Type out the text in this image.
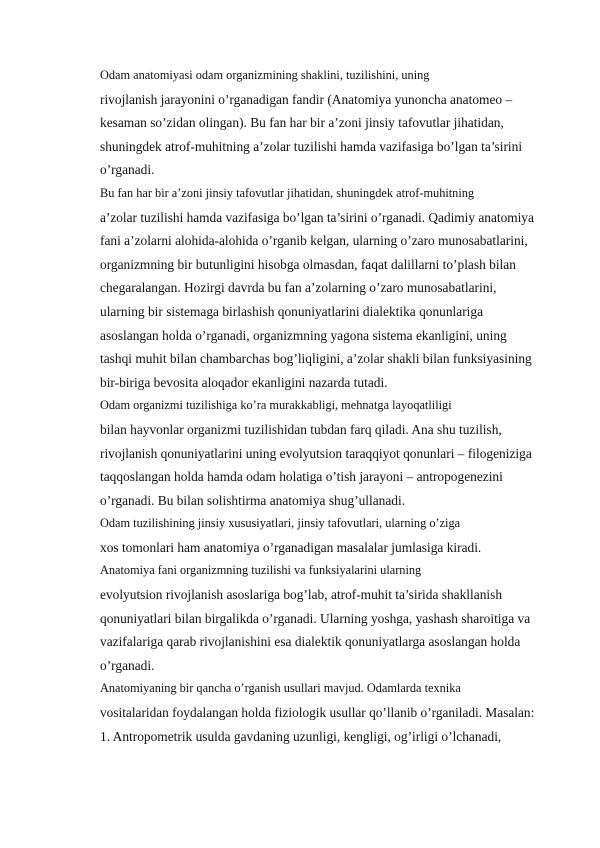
Odam anatomiyasi odam organizmining shaklini, tuzilishini, uning
rivojlanish jarayonini o’rganadigan fandir (Anatomiya yunoncha anatomeo –
kesaman so’zidan olingan). Bu fan har bir a’zoni jinsiy tafovutlar jihatidan,
shuningdek atrof-muhitning a’zolar tuzilishi hamda vazifasiga bo’lgan ta’sirini
o’rganadi.

Bu fan har bir a’zoni jinsiy tafovutlar jihatidan, shuningdek atrof-muhitning
a’zolar tuzilishi hamda vazifasiga bo’lgan ta’sirini o’rganadi. Qadimiy anatomiya
fani a’zolarni alohida-alohida o’rganib kelgan, ularning o’zaro munosabatlarini,
organizmning bir butunligini hisobga olmasdan, faqat dalillarni to’plash bilan
chegaralangan. Hozirgi davrda bu fan a’zolarning o’zaro munosabatlarini,
ularning bir sistemaga birlashish qonuniyatlarini dialektika qonunlariga
asoslangan holda o’rganadi, organizmning yagona sistema ekanligini, uning
tashqi muhit bilan chambarchas bog’liqligini, a’zolar shakli bilan funksiyasining
bir-biriga bevosita aloqador ekanligini nazarda tutadi.

Odam organizmi tuzilishiga ko’ra murakkabligi, mehnatga layoqatliligi
bilan hayvonlar organizmi tuzilishidan tubdan farq qiladi. Ana shu tuzilish,
rivojlanish qonuniyatlarini uning evolyutsion taraqqiyot qonunlari – filogeniziga
taqqoslangan holda hamda odam holatiga o’tish jarayoni – antropogenezini
o’rganadi. Bu bilan solishtirma anatomiya shug’ullanadi.

Odam tuzilishining jinsiy xususiyatlari, jinsiy tafovutlari, ularning o’ziga
xos tomonlari ham anatomiya o’rganadigan masalalar jumlasiga kiradi.

Anatomiya fani organizmning tuzilishi va funksiyalarini ularning
evolyutsion rivojlanish asoslariga bog’lab, atrof-muhit ta’sirida shakllanish
qonuniyatlari bilan birgalikda o’rganadi. Ularning yoshga, yashash sharoitiga va
vazifalariga qarab rivojlanishini esa dialektik qonuniyatlarga asoslangan holda
o’rganadi.

Anatomiyaning bir qancha o’rganish usullari mavjud. Odamlarda texnika
vositalaridan foydalangan holda fiziologik usullar qo’llanib o’rganiladi. Masalan:
1. Antropometrik usulda gavdaning uzunligi, kengligi, og’irligi o’lchanadi,
